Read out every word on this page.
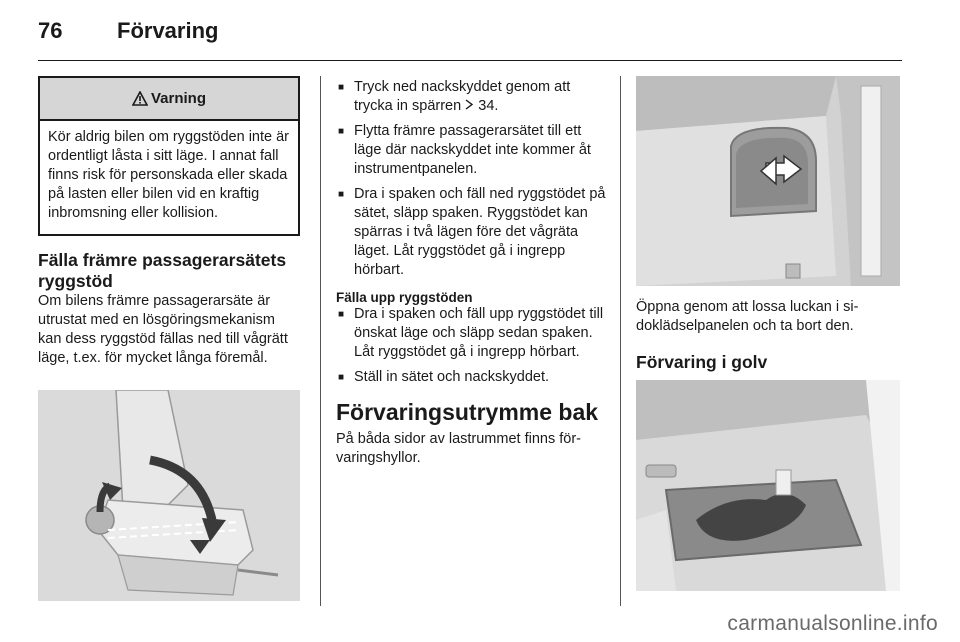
76 Förvaring
Varning
Kör aldrig bilen om ryggstöden inte är ordentligt låsta i sitt läge. I annat fall finns risk för personskada eller skada på lasten eller bilen vid en kraftig inbromsning eller kollision.
Fälla främre passagerarsätets ryggstöd

Om bilens främre passagerarsäte är utrustat med en lösgöringsmekanism kan dess ryggstöd fällas ned till vågrätt läge, t.ex. för mycket långa föremål.

■ Tryck ned nackskyddet genom att trycka in spärren 34.
■ Flytta främre passagerarsätet till ett läge där nackskyddet inte kommer åt instrumentpanelen.
■ Dra i spaken och fäll ned ryggstödet på sätet, släpp spaken. Ryggstödet kan spärras i två lägen före det vågräta läget. Låt ryggstödet gå i ingrepp hörbart.
Fälla upp ryggstöden
■ Dra i spaken och fäll upp ryggstödet till önskat läge och släpp sedan spaken. Låt ryggstödet gå i ingrepp hörbart.
■ Ställ in sätet och nackskyddet.
Förvaringsutrymme bak

På båda sidor av lastrummet finns förvaringshyllor.

Öppna genom att lossa luckan i sidoklädselpanelen och ta bort den.

Förvaring i golv
carmanualsonline.info
